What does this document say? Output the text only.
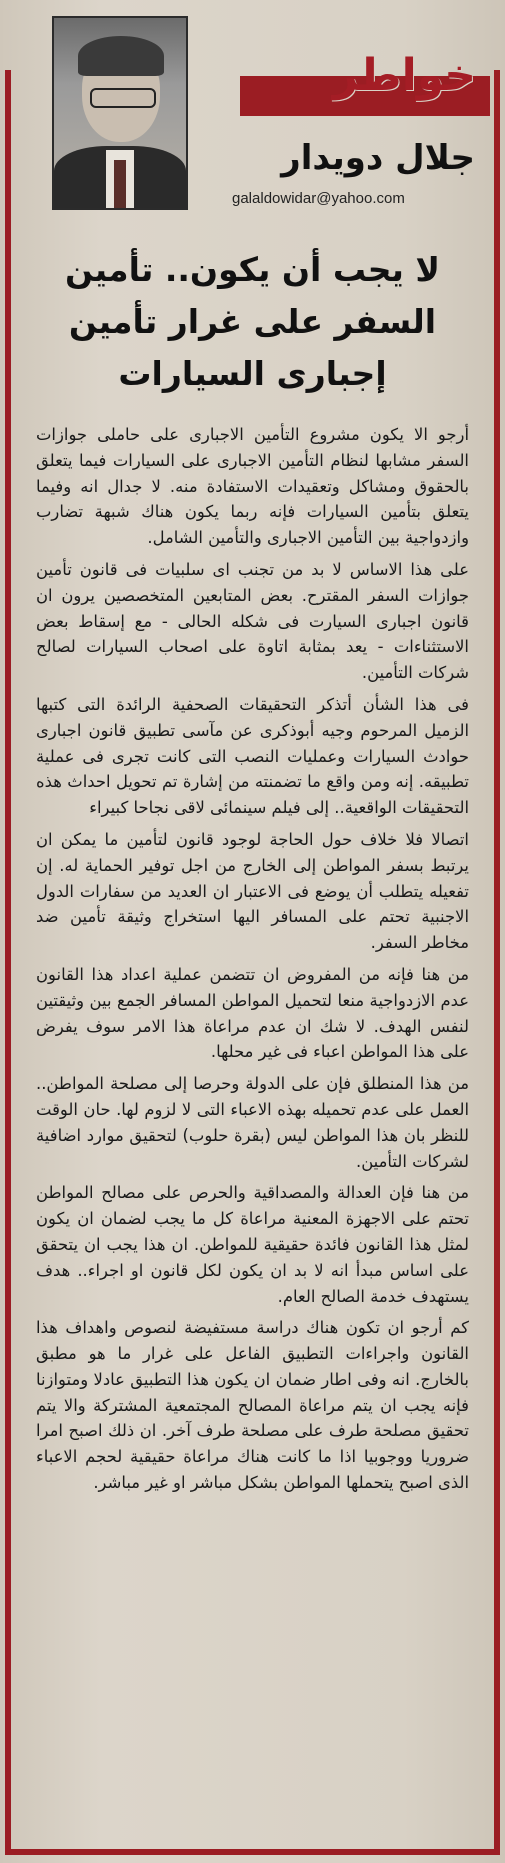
خواطر
جلال دويدار
galaldowidar@yahoo.com
لا يجب أن يكون.. تأمين السفر على غرار تأمين إجبارى السيارات

أرجو الا يكون مشروع التأمين الاجبارى على حاملى جوازات السفر مشابها لنظام التأمين الاجبارى على السيارات فيما يتعلق بالحقوق ومشاكل وتعقيدات الاستفادة منه. لا جدال انه وفيما يتعلق بتأمين السيارات فإنه ربما يكون هناك شبهة تضارب وازدواجية بين التأمين الاجبارى والتأمين الشامل.

على هذا الاساس لا بد من تجنب اى سلبيات فى قانون تأمين جوازات السفر المقترح. بعض المتابعين المتخصصين يرون ان قانون اجبارى السيارت فى شكله الحالى - مع إسقاط بعض الاستثناءات - يعد بمثابة اتاوة على اصحاب السيارات لصالح شركات التأمين.

فى هذا الشأن أتذكر التحقيقات الصحفية الرائدة التى كتبها الزميل المرحوم وجيه أبوذكرى عن مآسى تطبيق قانون اجبارى حوادث السيارات وعمليات النصب التى كانت تجرى فى عملية تطبيقه. إنه ومن واقع ما تضمنته من إشارة تم تحويل احداث هذه التحقيقات الواقعية.. إلى فيلم سينمائى لاقى نجاحا كبيراء

اتصالا فلا خلاف حول الحاجة لوجود قانون لتأمين ما يمكن ان يرتبط بسفر المواطن إلى الخارج من اجل توفير الحماية له. إن تفعيله يتطلب أن يوضع فى الاعتبار ان العديد من سفارات الدول الاجنبية تحتم على المسافر اليها استخراج وثيقة تأمين ضد مخاطر السفر.

من هنا فإنه من المفروض ان تتضمن عملية اعداد هذا القانون عدم الازدواجية منعا لتحميل المواطن المسافر الجمع بين وثيقتين لنفس الهدف. لا شك ان عدم مراعاة هذا الامر سوف يفرض على هذا المواطن اعباء فى غير محلها.

من هذا المنطلق فإن على الدولة وحرصا إلى مصلحة المواطن.. العمل على عدم تحميله بهذه الاعباء التى لا لزوم لها. حان الوقت للنظر بان هذا المواطن ليس (بقرة حلوب) لتحقيق موارد اضافية لشركات التأمين.

من هنا فإن العدالة والمصداقية والحرص على مصالح المواطن تحتم على الاجهزة المعنية مراعاة كل ما يجب لضمان ان يكون لمثل هذا القانون فائدة حقيقية للمواطن. ان هذا يجب ان يتحقق على اساس مبدأ انه لا بد ان يكون لكل قانون او اجراء.. هدف يستهدف خدمة الصالح العام.

كم أرجو ان تكون هناك دراسة مستفيضة لنصوص واهداف هذا القانون واجراءات التطبيق الفاعل على غرار ما هو مطبق بالخارج. انه وفى اطار ضمان ان يكون هذا التطبيق عادلا ومتوازنا فإنه يجب ان يتم مراعاة المصالح المجتمعية المشتركة والا يتم تحقيق مصلحة طرف على مصلحة طرف آخر. ان ذلك اصبح امرا ضروريا ووجوبيا اذا ما كانت هناك مراعاة حقيقية لحجم الاعباء الذى اصبح يتحملها المواطن بشكل مباشر او غير مباشر.
